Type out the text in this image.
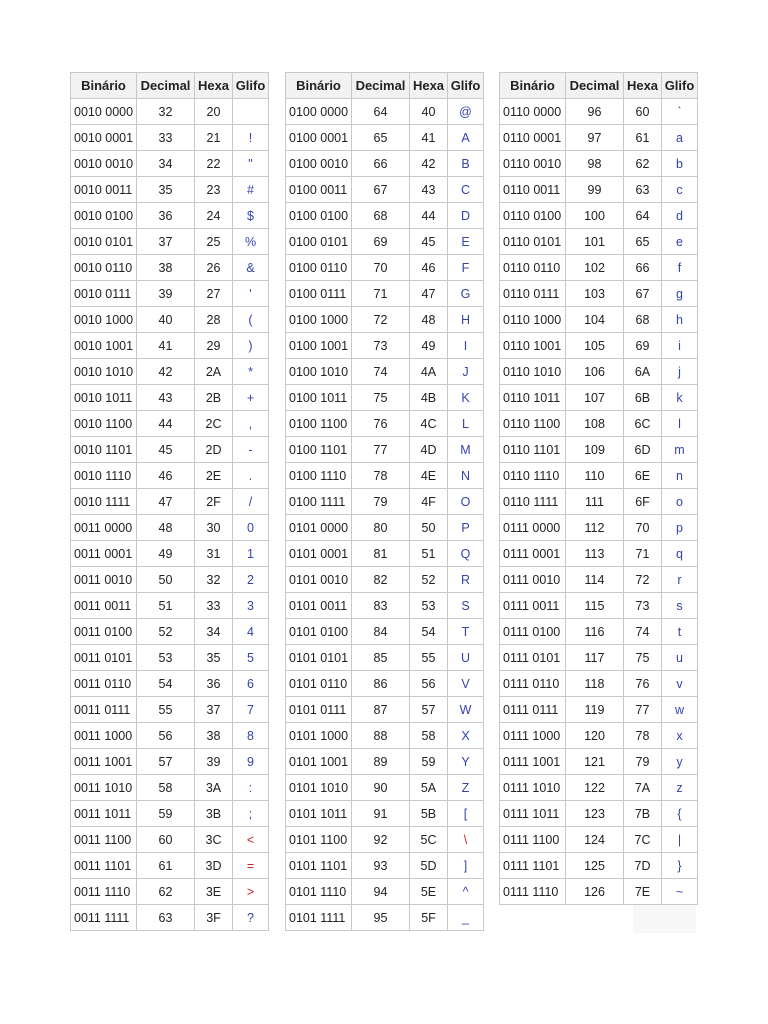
Binário	Decimal	Hexa	Glifo
0010 0000	32	20	
0010 0001	33	21	!
0010 0010	34	22	"
0010 0011	35	23	#
0010 0100	36	24	$
0010 0101	37	25	%
0010 0110	38	26	&
0010 0111	39	27	'
0010 1000	40	28	(
0010 1001	41	29	)
0010 1010	42	2A	*
0010 1011	43	2B	+
0010 1100	44	2C	,
0010 1101	45	2D	-
0010 1110	46	2E	.
0010 1111	47	2F	/
0011 0000	48	30	0
0011 0001	49	31	1
0011 0010	50	32	2
0011 0011	51	33	3
0011 0100	52	34	4
0011 0101	53	35	5
0011 0110	54	36	6
0011 0111	55	37	7
0011 1000	56	38	8
0011 1001	57	39	9
0011 1010	58	3A	:
0011 1011	59	3B	;
0011 1100	60	3C	<
0011 1101	61	3D	=
0011 1110	62	3E	>
0011 1111	63	3F	?
Binário	Decimal	Hexa	Glifo
0100 0000	64	40	@
0100 0001	65	41	A
0100 0010	66	42	B
0100 0011	67	43	C
0100 0100	68	44	D
0100 0101	69	45	E
0100 0110	70	46	F
0100 0111	71	47	G
0100 1000	72	48	H
0100 1001	73	49	I
0100 1010	74	4A	J
0100 1011	75	4B	K
0100 1100	76	4C	L
0100 1101	77	4D	M
0100 1110	78	4E	N
0100 1111	79	4F	O
0101 0000	80	50	P
0101 0001	81	51	Q
0101 0010	82	52	R
0101 0011	83	53	S
0101 0100	84	54	T
0101 0101	85	55	U
0101 0110	86	56	V
0101 0111	87	57	W
0101 1000	88	58	X
0101 1001	89	59	Y
0101 1010	90	5A	Z
0101 1011	91	5B	[
0101 1100	92	5C	\
0101 1101	93	5D	]
0101 1110	94	5E	^
0101 1111	95	5F	_
Binário	Decimal	Hexa	Glifo
0110 0000	96	60	`
0110 0001	97	61	a
0110 0010	98	62	b
0110 0011	99	63	c
0110 0100	100	64	d
0110 0101	101	65	e
0110 0110	102	66	f
0110 0111	103	67	g
0110 1000	104	68	h
0110 1001	105	69	i
0110 1010	106	6A	j
0110 1011	107	6B	k
0110 1100	108	6C	l
0110 1101	109	6D	m
0110 1110	110	6E	n
0110 1111	111	6F	o
0111 0000	112	70	p
0111 0001	113	71	q
0111 0010	114	72	r
0111 0011	115	73	s
0111 0100	116	74	t
0111 0101	117	75	u
0111 0110	118	76	v
0111 0111	119	77	w
0111 1000	120	78	x
0111 1001	121	79	y
0111 1010	122	7A	z
0111 1011	123	7B	{
0111 1100	124	7C	|
0111 1101	125	7D	}
0111 1110	126	7E	~
